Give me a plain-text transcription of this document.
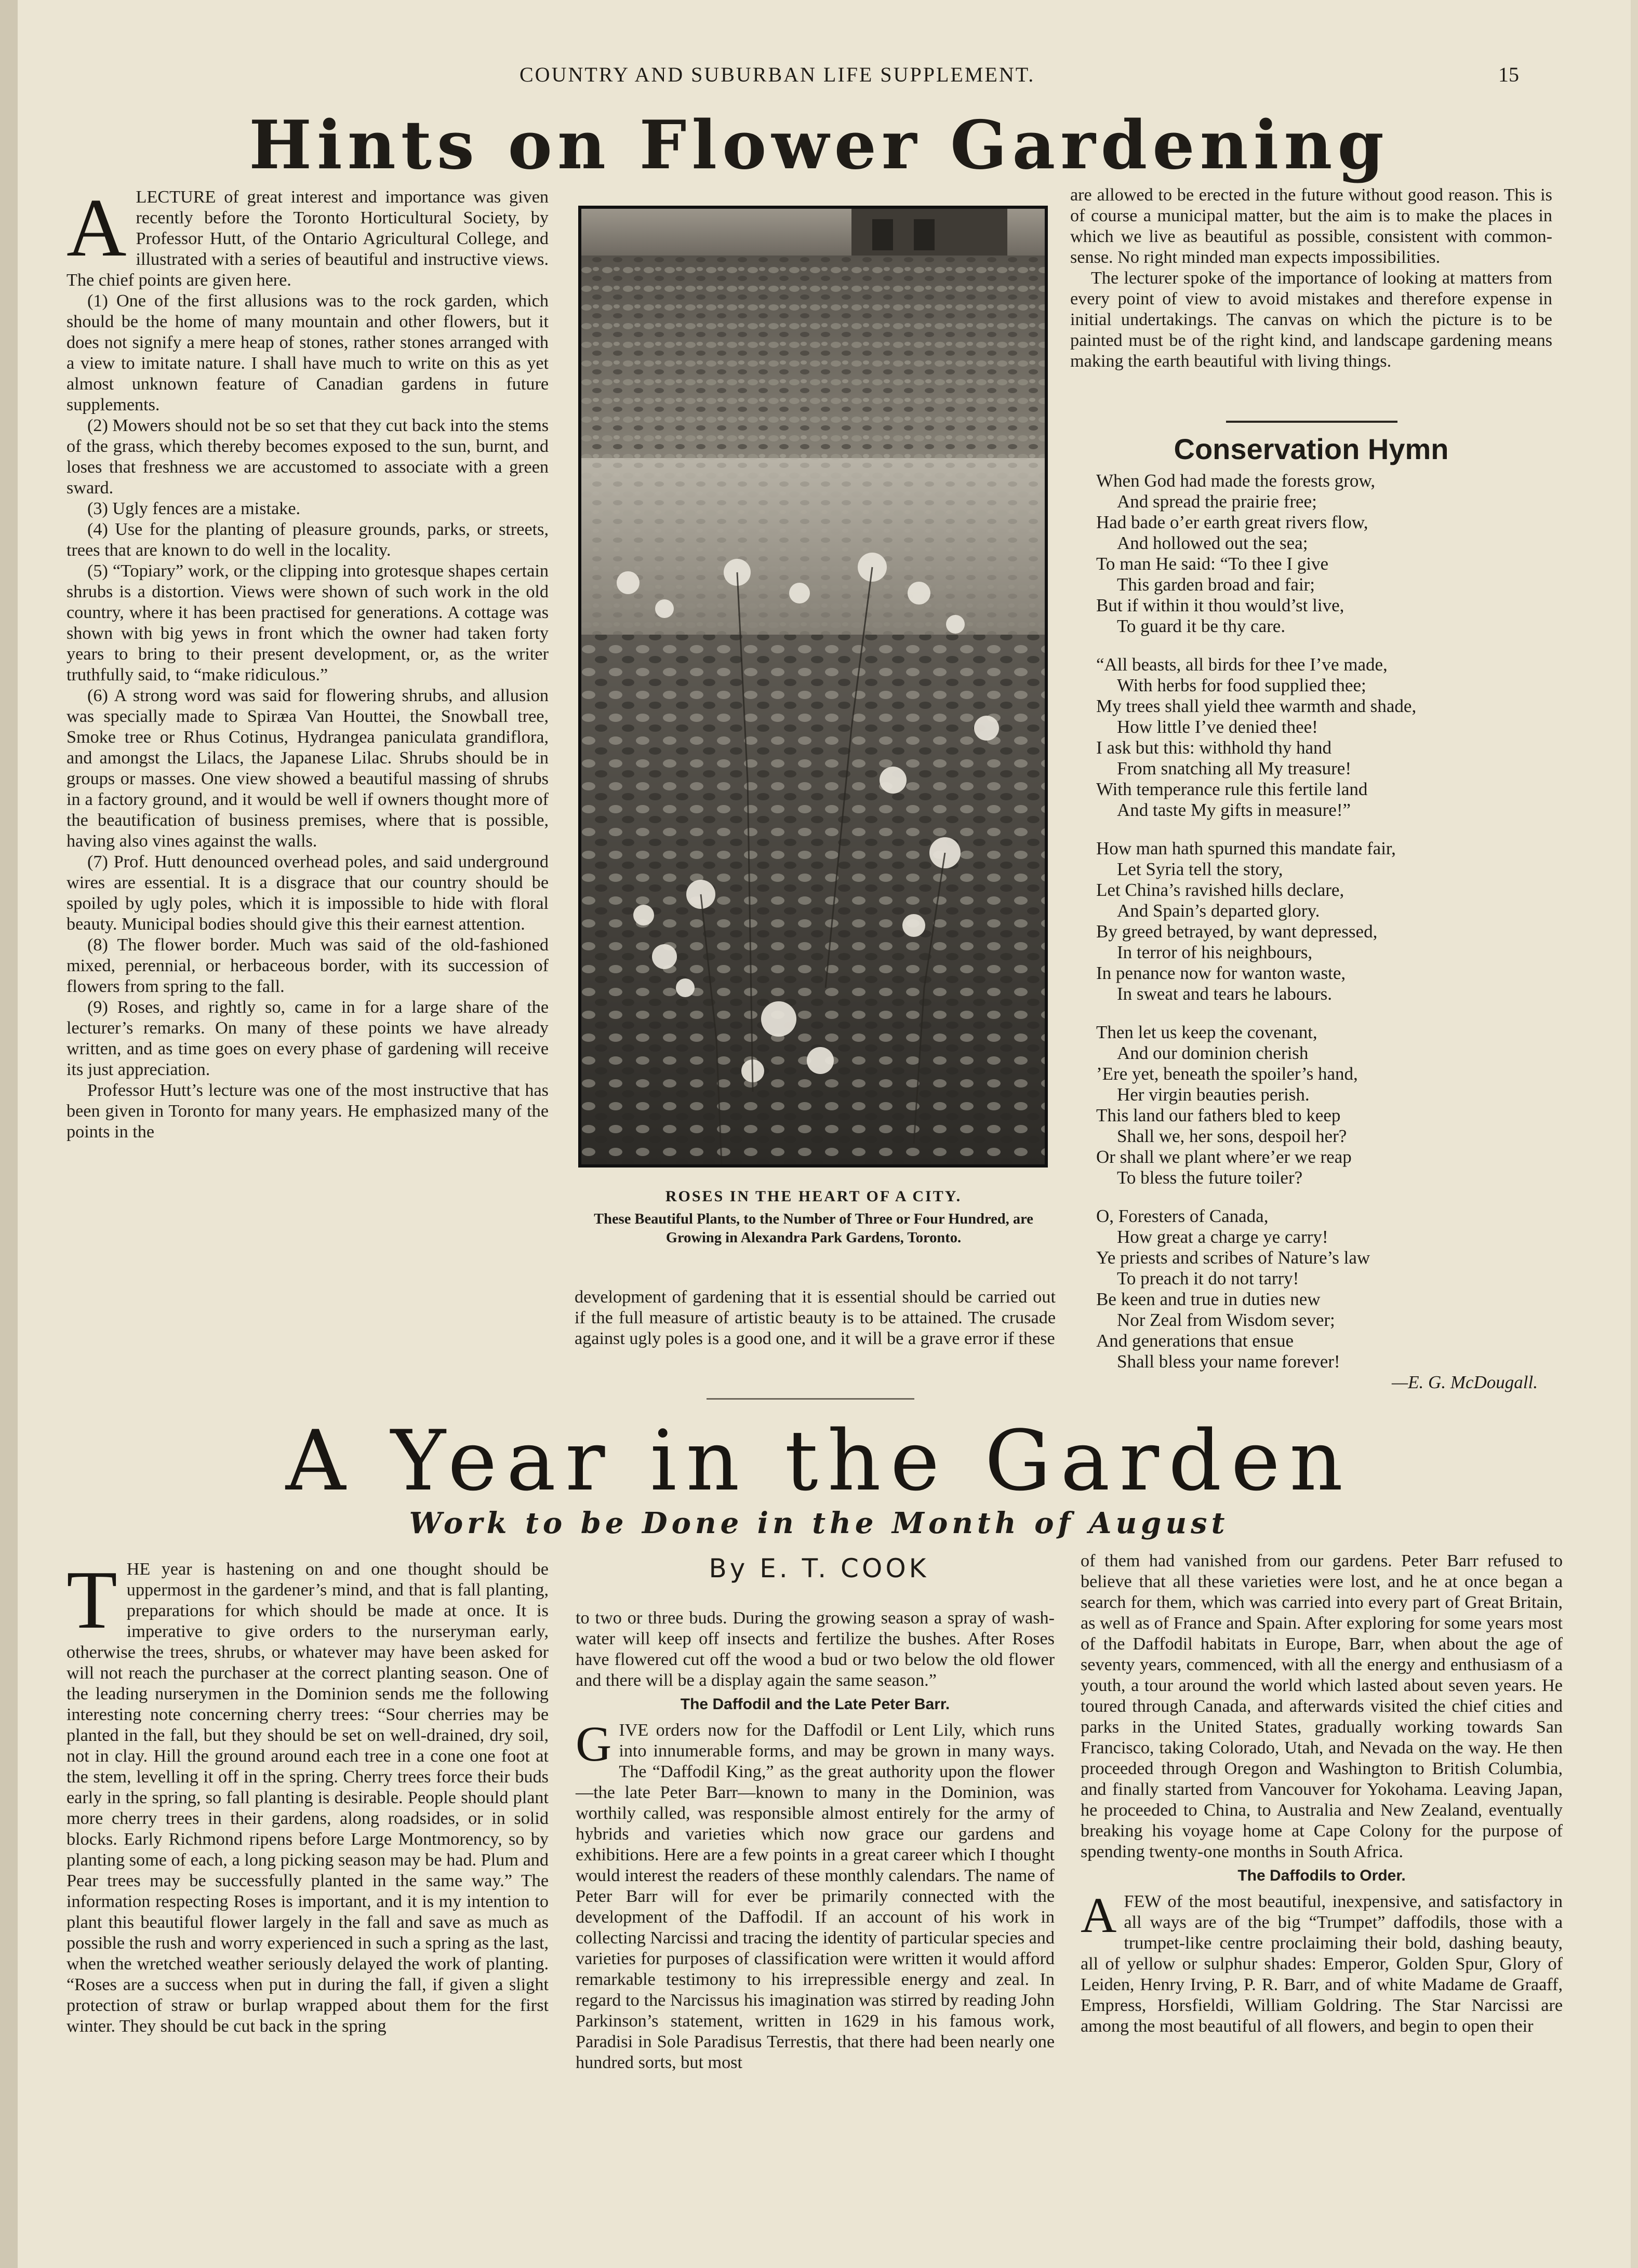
COUNTRY AND SUBURBAN LIFE SUPPLEMENT.	15
Hints on Flower Gardening
A LECTURE of great interest and importance was given recently before the Toronto Horticultural Society, by Professor Hutt, of the Ontario Agricultural College, and illustrated with a series of beautiful and instructive views. The chief points are given here.

(1) One of the first allusions was to the rock garden, which should be the home of many mountain and other flowers, but it does not signify a mere heap of stones, rather stones arranged with a view to imitate nature. I shall have much to write on this as yet almost unknown feature of Canadian gardens in future supplements.

(2) Mowers should not be so set that they cut back into the stems of the grass, which thereby becomes exposed to the sun, burnt, and loses that freshness we are accustomed to associate with a green sward.

(3) Ugly fences are a mistake.

(4) Use for the planting of pleasure grounds, parks, or streets, trees that are known to do well in the locality.

(5) “Topiary” work, or the clipping into grotesque shapes certain shrubs is a distortion. Views were shown of such work in the old country, where it has been practised for generations. A cottage was shown with big yews in front which the owner had taken forty years to bring to their present development, or, as the writer truthfully said, to “make ridiculous.”

(6) A strong word was said for flowering shrubs, and allusion was specially made to Spiræa Van Houttei, the Snowball tree, Smoke tree or Rhus Cotinus, Hydrangea paniculata grandiflora, and amongst the Lilacs, the Japanese Lilac. Shrubs should be in groups or masses. One view showed a beautiful massing of shrubs in a factory ground, and it would be well if owners thought more of the beautification of business premises, where that is possible, having also vines against the walls.

(7) Prof. Hutt denounced overhead poles, and said underground wires are essential. It is a disgrace that our country should be spoiled by ugly poles, which it is impossible to hide with floral beauty. Municipal bodies should give this their earnest attention.

(8) The flower border. Much was said of the old-fashioned mixed, perennial, or herbaceous border, with its succession of flowers from spring to the fall.

(9) Roses, and rightly so, came in for a large share of the lecturer’s remarks. On many of these points we have already written, and as time goes on every phase of gardening will receive its just appreciation.

Professor Hutt’s lecture was one of the most instructive that has been given in Toronto for many years. He emphasized many of the points in the

ROSES IN THE HEART OF A CITY.
These Beautiful Plants, to the Number of Three or Four Hundred, are Growing in Alexandra Park Gardens, Toronto.

development of gardening that it is essential should be carried out if the full measure of artistic beauty is to be attained. The crusade against ugly poles is a good one, and it will be a grave error if these

are allowed to be erected in the future without good reason. This is of course a municipal matter, but the aim is to make the places in which we live as beautiful as possible, consistent with common-sense. No right minded man expects impossibilities.

The lecturer spoke of the importance of looking at matters from every point of view to avoid mistakes and therefore expense in initial undertakings. The canvas on which the picture is to be painted must be of the right kind, and landscape gardening means making the earth beautiful with living things.

Conservation Hymn
When God had made the forests grow,
And spread the prairie free;
Had bade o’er earth great rivers flow,
And hollowed out the sea;
To man He said: “To thee I give
This garden broad and fair;
But if within it thou would’st live,
To guard it be thy care.
“All beasts, all birds for thee I’ve made,
With herbs for food supplied thee;
My trees shall yield thee warmth and shade,
How little I’ve denied thee!
I ask but this: withhold thy hand
From snatching all My treasure!
With temperance rule this fertile land
And taste My gifts in measure!”
How man hath spurned this mandate fair,
Let Syria tell the story,
Let China’s ravished hills declare,
And Spain’s departed glory.
By greed betrayed, by want depressed,
In terror of his neighbours,
In penance now for wanton waste,
In sweat and tears he labours.
Then let us keep the covenant,
And our dominion cherish
’Ere yet, beneath the spoiler’s hand,
Her virgin beauties perish.
This land our fathers bled to keep
Shall we, her sons, despoil her?
Or shall we plant where’er we reap
To bless the future toiler?
O, Foresters of Canada,
How great a charge ye carry!
Ye priests and scribes of Nature’s law
To preach it do not tarry!
Be keen and true in duties new
Nor Zeal from Wisdom sever;
And generations that ensue
Shall bless your name forever!
—E. G. McDougall.
A Year in the Garden
Work to be Done in the Month of August
By E. T. COOK
T HE year is hastening on and one thought should be uppermost in the gardener’s mind, and that is fall planting, preparations for which should be made at once. It is imperative to give orders to the nurseryman early, otherwise the trees, shrubs, or whatever may have been asked for will not reach the purchaser at the correct planting season. One of the leading nurserymen in the Dominion sends me the following interesting note concerning cherry trees: “Sour cherries may be planted in the fall, but they should be set on well-drained, dry soil, not in clay. Hill the ground around each tree in a cone one foot at the stem, levelling it off in the spring. Cherry trees force their buds early in the spring, so fall planting is desirable. People should plant more cherry trees in their gardens, along roadsides, or in solid blocks. Early Richmond ripens before Large Montmorency, so by planting some of each, a long picking season may be had. Plum and Pear trees may be successfully planted in the same way.” The information respecting Roses is important, and it is my intention to plant this beautiful flower largely in the fall and save as much as possible the rush and worry experienced in such a spring as the last, when the wretched weather seriously delayed the work of planting. “Roses are a success when put in during the fall, if given a slight protection of straw or burlap wrapped about them for the first winter. They should be cut back in the spring

to two or three buds. During the growing season a spray of wash-water will keep off insects and fertilize the bushes. After Roses have flowered cut off the wood a bud or two below the old flower and there will be a display again the same season.”

The Daffodil and the Late Peter Barr.
G IVE orders now for the Daffodil or Lent Lily, which runs into innumerable forms, and may be grown in many ways. The “Daffodil King,” as the great authority upon the flower—the late Peter Barr—known to many in the Dominion, was worthily called, was responsible almost entirely for the army of hybrids and varieties which now grace our gardens and exhibitions. Here are a few points in a great career which I thought would interest the readers of these monthly calendars. The name of Peter Barr will for ever be primarily connected with the development of the Daffodil. If an account of his work in collecting Narcissi and tracing the identity of particular species and varieties for purposes of classification were written it would afford remarkable testimony to his irrepressible energy and zeal. In regard to the Narcissus his imagination was stirred by reading John Parkinson’s statement, written in 1629 in his famous work, Paradisi in Sole Paradisus Terrestis, that there had been nearly one hundred sorts, but most

of them had vanished from our gardens. Peter Barr refused to believe that all these varieties were lost, and he at once began a search for them, which was carried into every part of Great Britain, as well as of France and Spain. After exploring for some years most of the Daffodil habitats in Europe, Barr, when about the age of seventy years, commenced, with all the energy and enthusiasm of a youth, a tour around the world which lasted about seven years. He toured through Canada, and afterwards visited the chief cities and parks in the United States, gradually working towards San Francisco, taking Colorado, Utah, and Nevada on the way. He then proceeded through Oregon and Washington to British Columbia, and finally started from Vancouver for Yokohama. Leaving Japan, he proceeded to China, to Australia and New Zealand, eventually breaking his voyage home at Cape Colony for the purpose of spending twenty-one months in South Africa.

The Daffodils to Order.
A FEW of the most beautiful, inexpensive, and satisfactory in all ways are of the big “Trumpet” daffodils, those with a trumpet-like centre proclaiming their bold, dashing beauty, all of yellow or sulphur shades: Emperor, Golden Spur, Glory of Leiden, Henry Irving, P. R. Barr, and of white Madame de Graaff, Empress, Horsfieldi, William Goldring. The Star Narcissi are among the most beautiful of all flowers, and begin to open their
